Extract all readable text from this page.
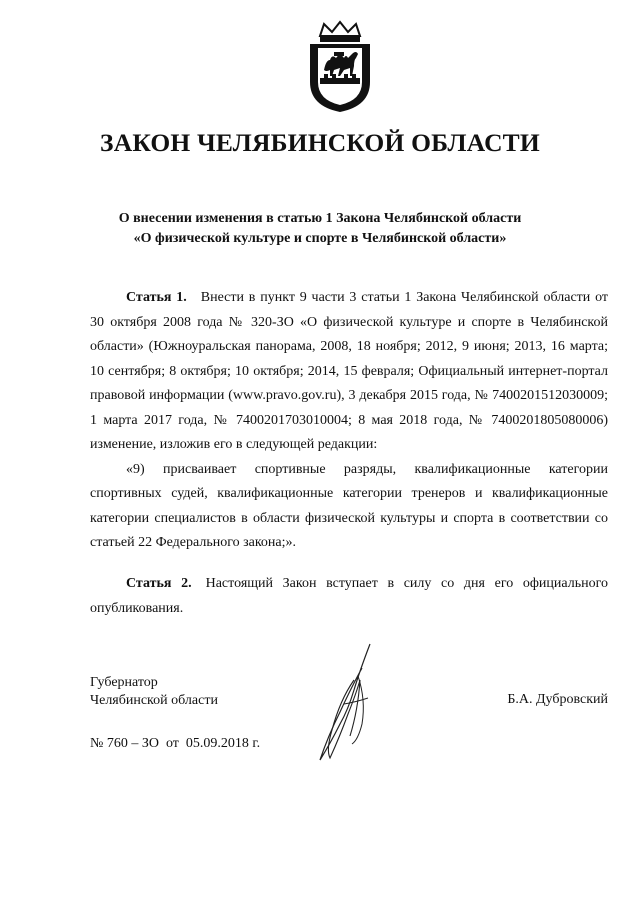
ЗАКОН ЧЕЛЯБИНСКОЙ ОБЛАСТИ
О внесении изменения в статью 1 Закона Челябинской области
«О физической культуре и спорте в Челябинской области»

Статья 1. Внести в пункт 9 части 3 статьи 1 Закона Челябинской области от 30 октября 2008 года № 320-ЗО «О физической культуре и спорте в Челябинской области» (Южноуральская панорама, 2008, 18 ноября; 2012, 9 июня; 2013, 16 марта; 10 сентября; 8 октября; 10 октября; 2014, 15 февраля; Официальный интернет-портал правовой информации (www.pravo.gov.ru), 3 декабря 2015 года, № 7400201512030009; 1 марта 2017 года, № 7400201703010004; 8 мая 2018 года, № 7400201805080006) изменение, изложив его в следующей редакции:

«9) присваивает спортивные разряды, квалификационные категории спортивных судей, квалификационные категории тренеров и квалификационные категории специалистов в области физической культуры и спорта в соответствии со статьей 22 Федерального закона;».

Статья 2. Настоящий Закон вступает в силу со дня его официального опубликования.

Губернатор
Челябинской области	Б.А. Дубровский
№ 760 – ЗО  от  05.09.2018 г.
